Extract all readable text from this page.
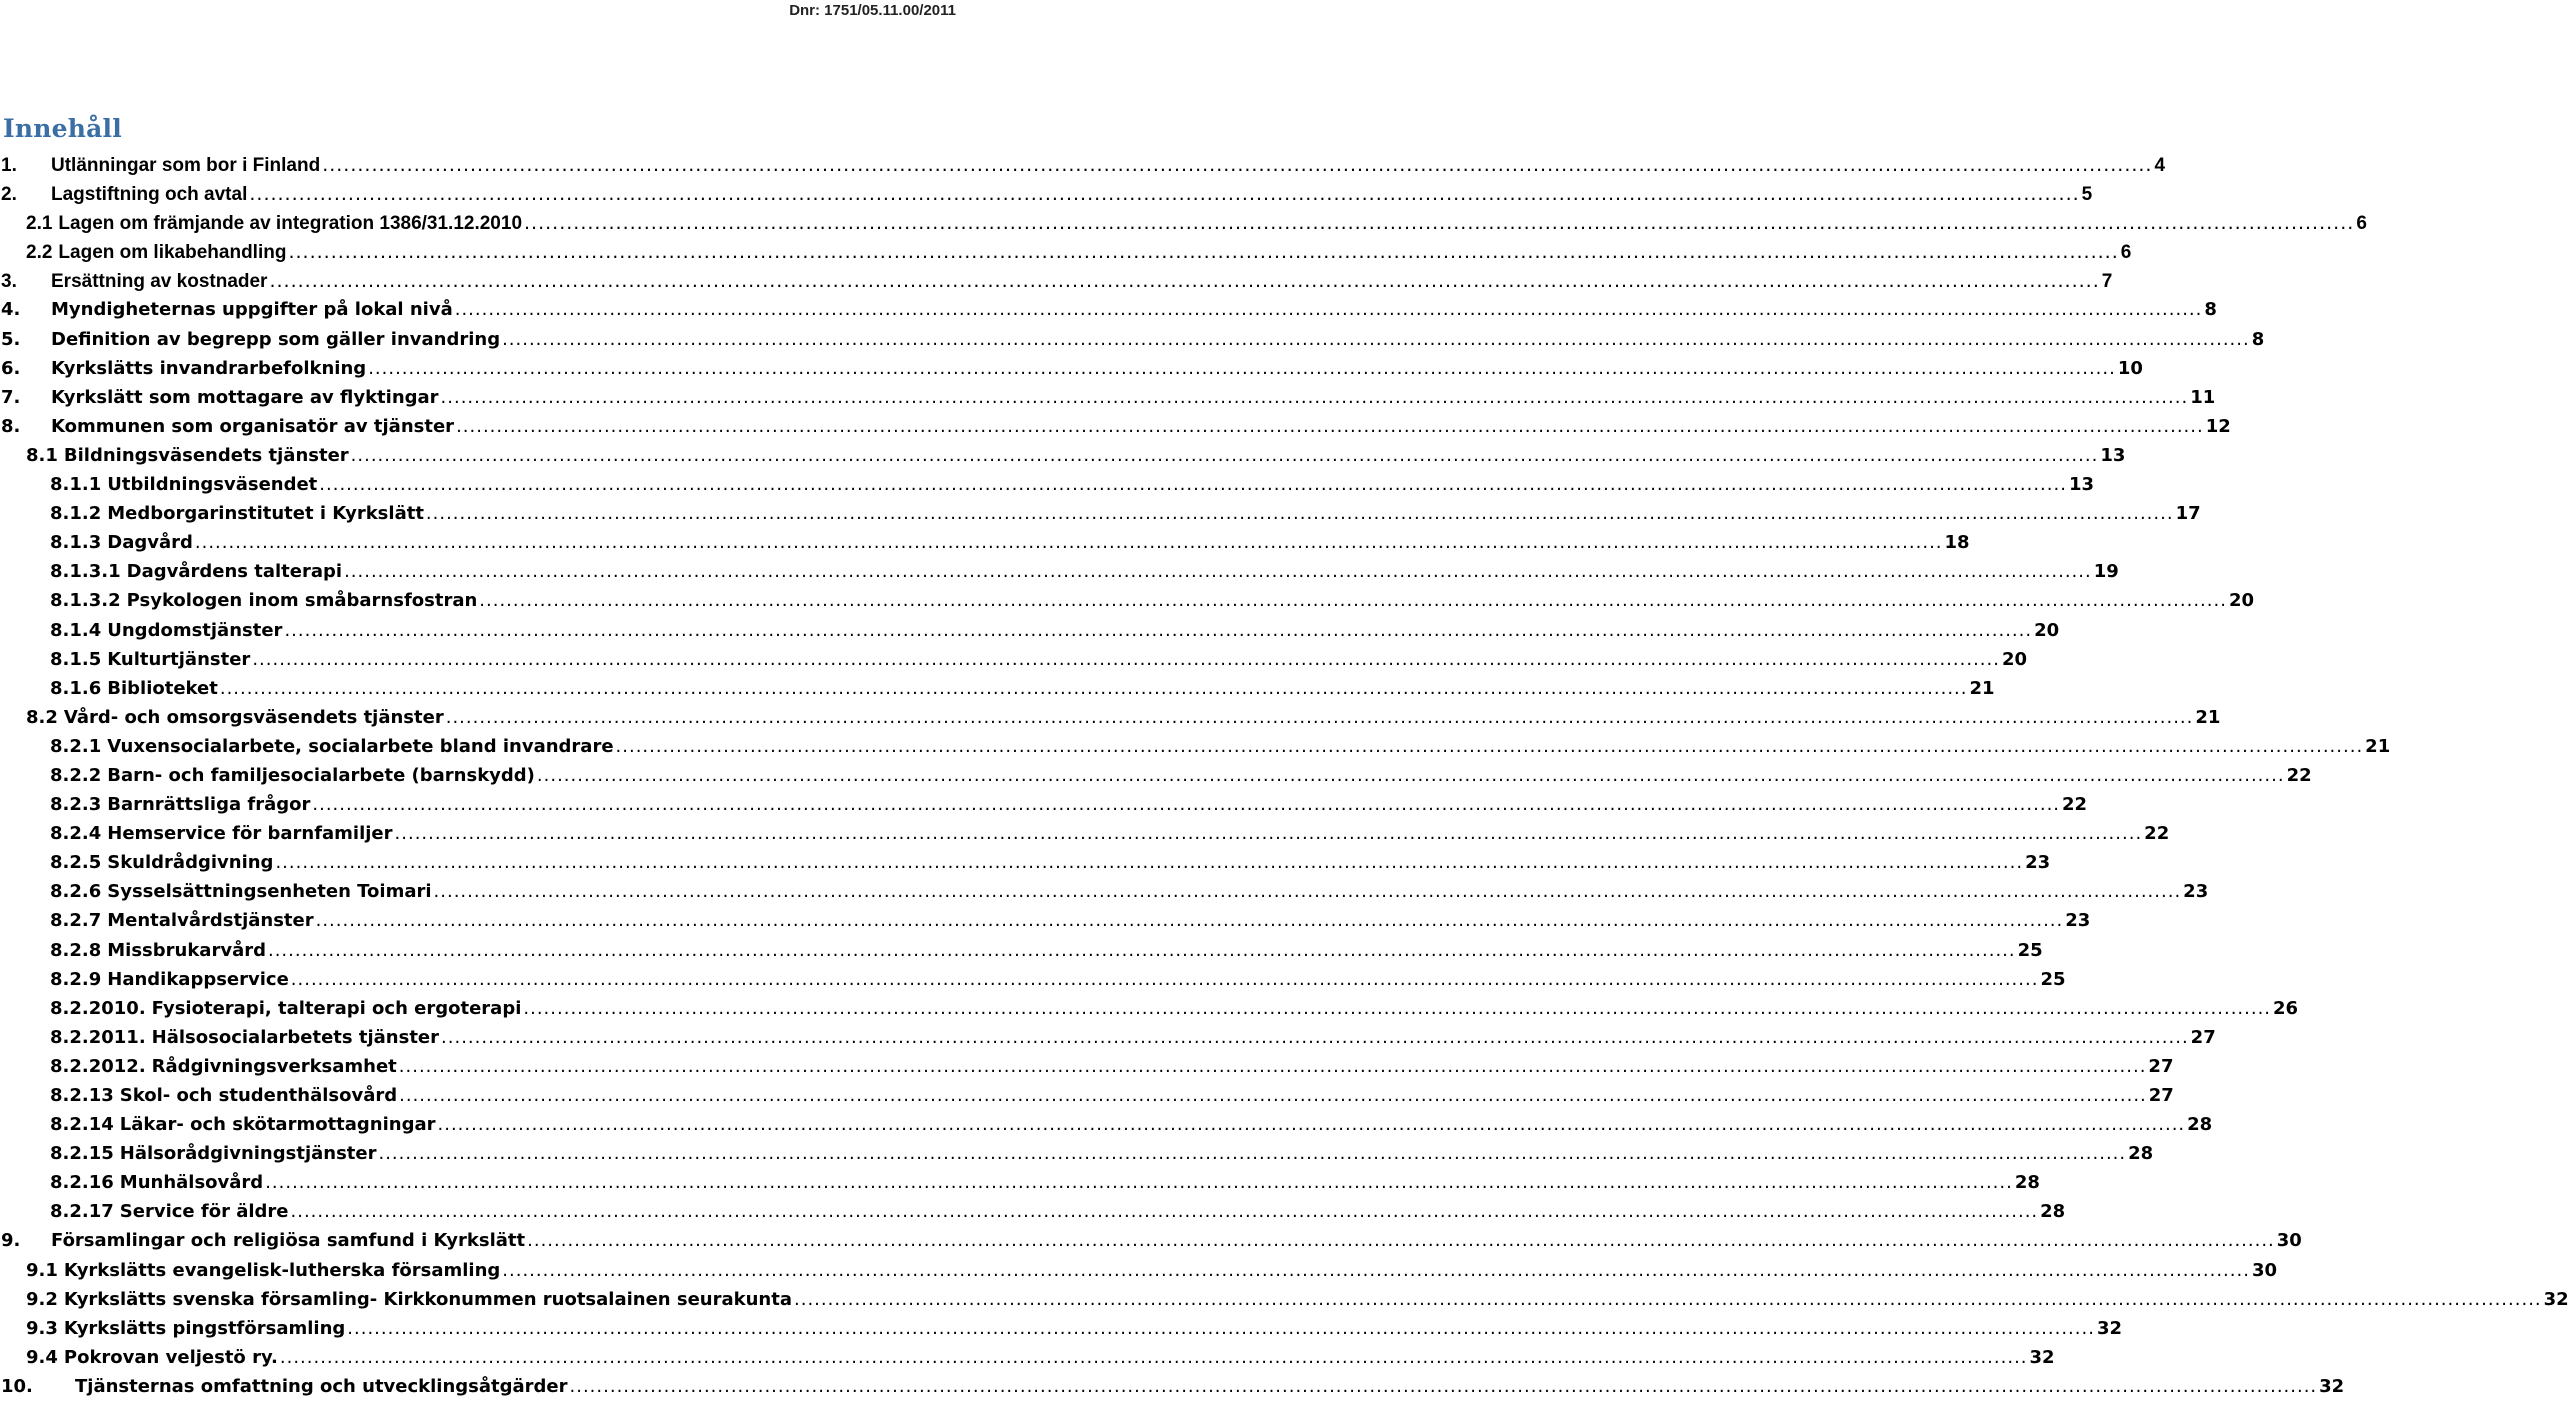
Dnr: 1751/05.11.00/2011
Innehåll
1.	Utlänningar som bor i Finland .....	4
2.	Lagstiftning och avtal .....	5
2.1 Lagen om främjande av integration 1386/31.12.2010 .....	6
2.2 Lagen om likabehandling .....	6
3.	Ersättning av kostnader .....	7
4.	Myndigheternas uppgifter på lokal nivå .....	8
5.	Definition av begrepp som gäller invandring .....	8
6.	Kyrkslätts invandrarbefolkning .....	10
7.	Kyrkslätt som mottagare av flyktingar .....	11
8.	Kommunen som organisatör av tjänster .....	12
8.1 Bildningsväsendets tjänster .....	13
8.1.1 Utbildningsväsendet .....	13
8.1.2 Medborgarinstitutet i Kyrkslätt .....	17
8.1.3 Dagvård .....	18
8.1.3.1 Dagvårdens talterapi .....	19
8.1.3.2 Psykologen inom småbarnsfostran .....	20
8.1.4 Ungdomstjänster .....	20
8.1.5 Kulturtjänster .....	20
8.1.6 Biblioteket .....	21
8.2 Vård- och omsorgsväsendets tjänster .....	21
8.2.1 Vuxensocialarbete, socialarbete bland invandrare .....	21
8.2.2 Barn- och familjesocialarbete (barnskydd) .....	22
8.2.3 Barnrättsliga frågor .....	22
8.2.4 Hemservice för barnfamiljer .....	22
8.2.5 Skuldrådgivning .....	23
8.2.6 Sysselsättningsenheten Toimari .....	23
8.2.7 Mentalvårdstjänster .....	23
8.2.8 Missbrukarvård .....	25
8.2.9 Handikappservice .....	25
8.2.2010. Fysioterapi, talterapi och ergoterapi .....	26
8.2.2011. Hälsosocialarbetets tjänster .....	27
8.2.2012. Rådgivningsverksamhet .....	27
8.2.13 Skol- och studenthälsovård .....	27
8.2.14 Läkar- och skötarmottagningar .....	28
8.2.15 Hälsorådgivningstjänster .....	28
8.2.16 Munhälsovård .....	28
8.2.17 Service för äldre .....	28
9.	Församlingar och religiösa samfund i Kyrkslätt .....	30
9.1 Kyrkslätts evangelisk-lutherska församling .....	30
9.2 Kyrkslätts svenska församling- Kirkkonummen ruotsalainen seurakunta .....	32
9.3 Kyrkslätts pingstförsamling .....	32
9.4 Pokrovan veljestö ry. .....	32
10.	Tjänsternas omfattning och utvecklingsåtgärder .....	32
